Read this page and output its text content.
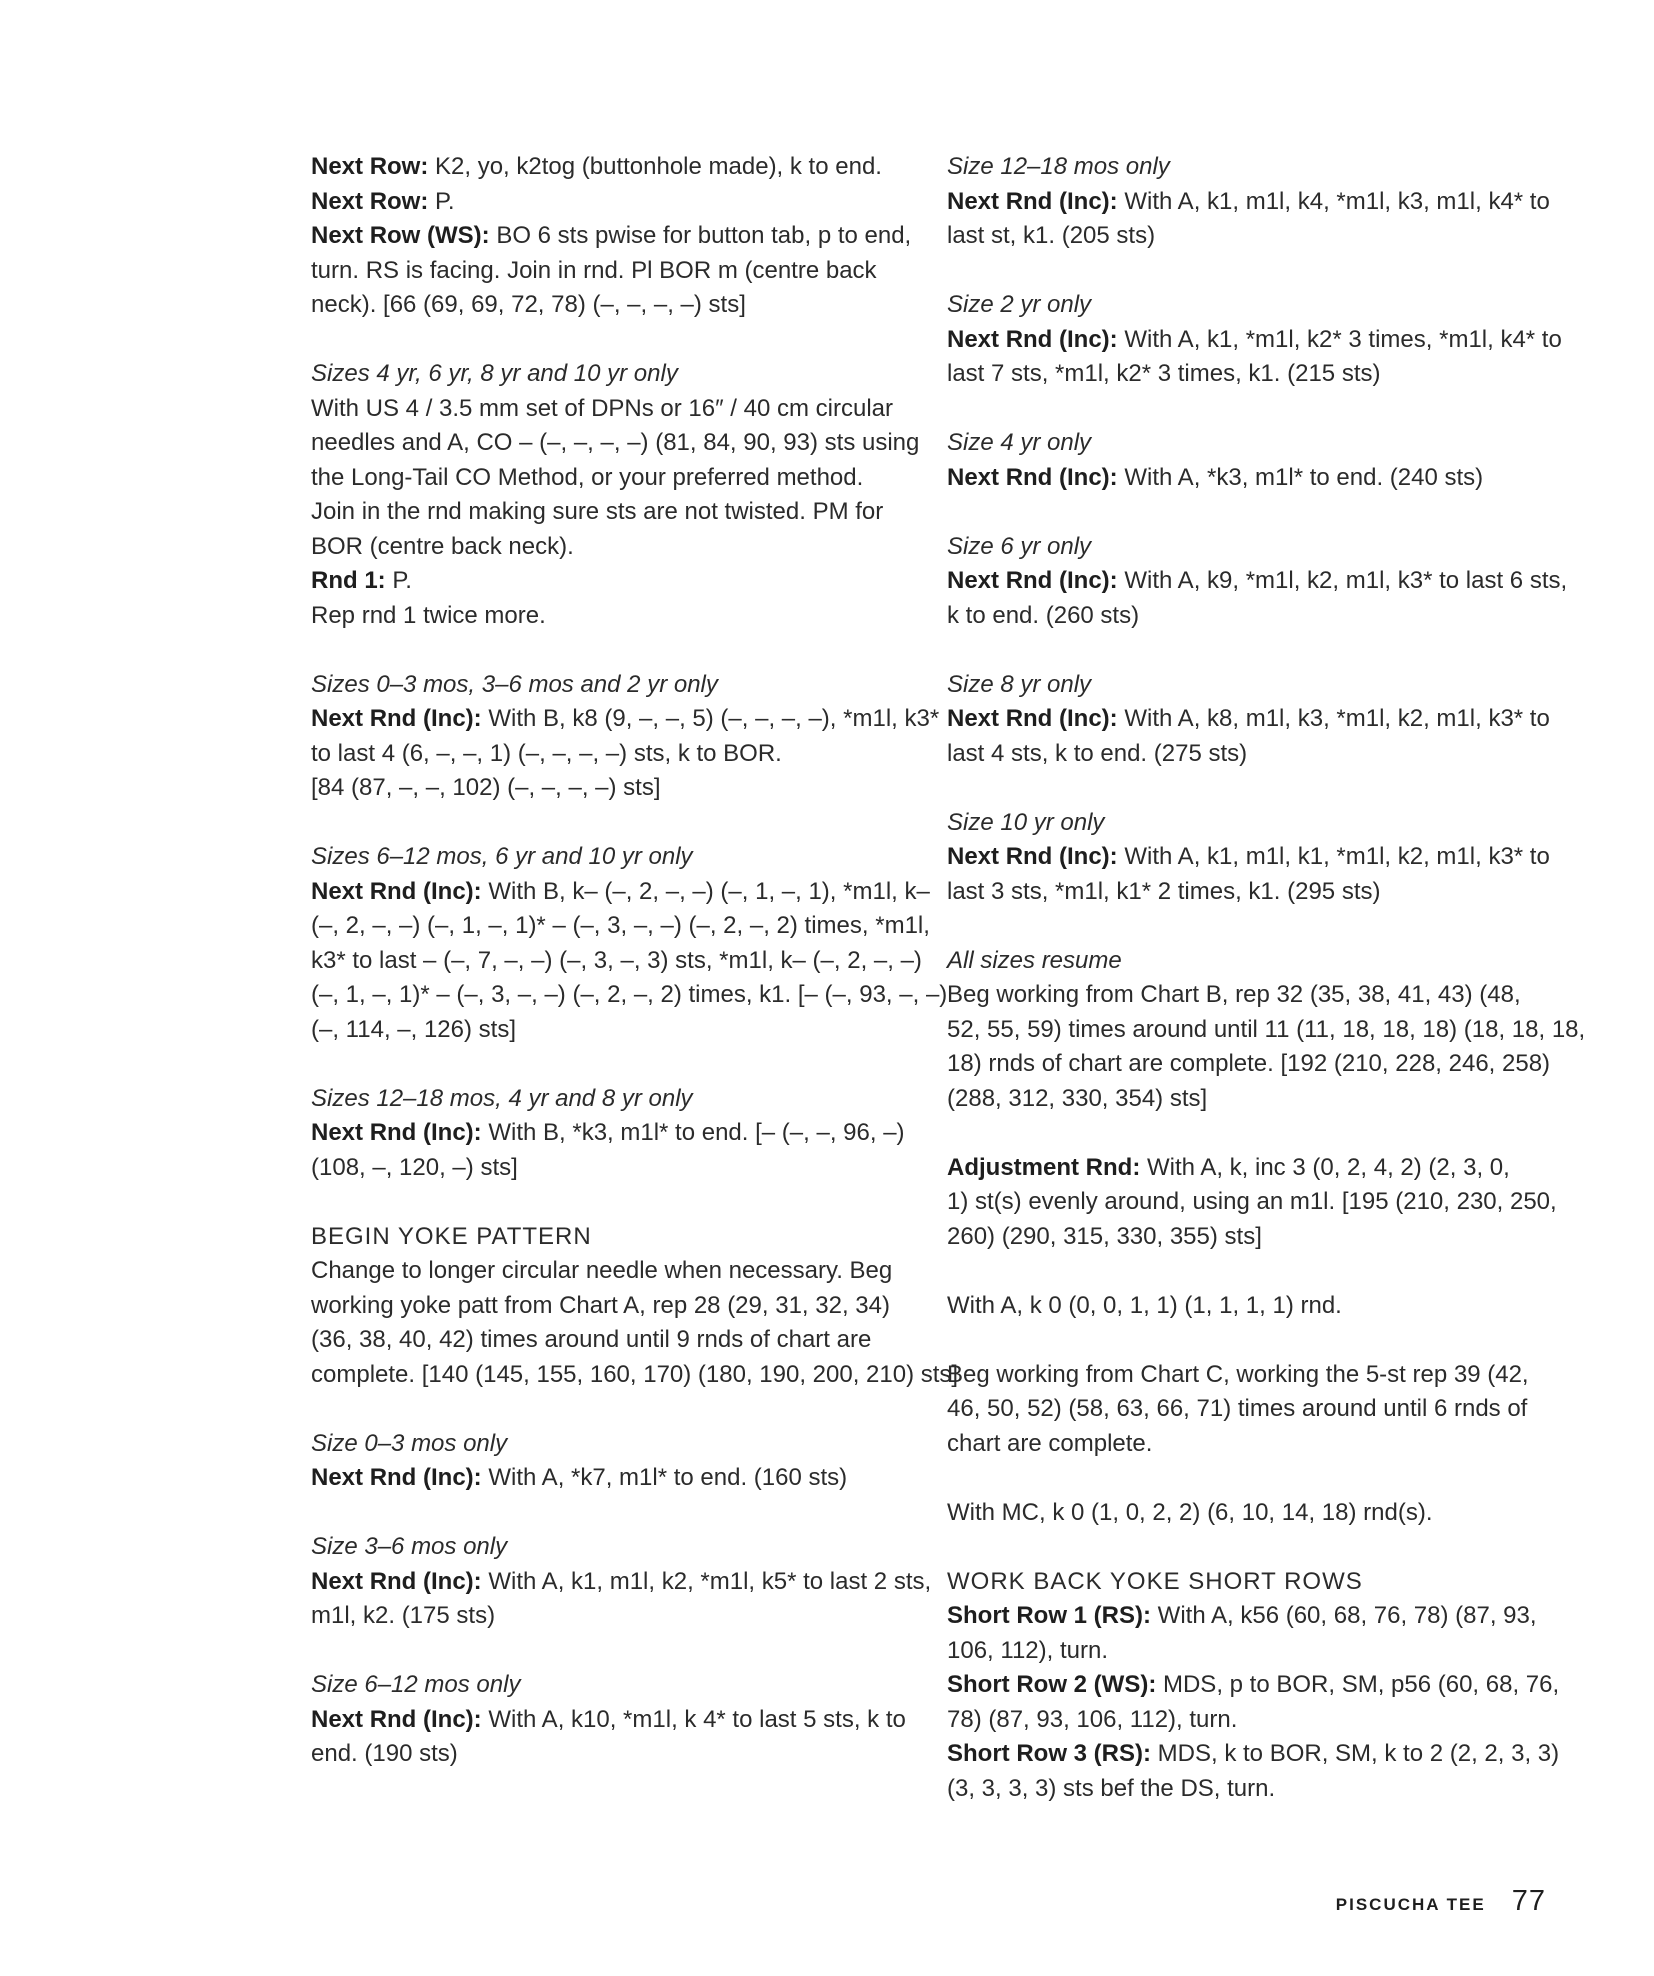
Next Row: K2, yo, k2tog (buttonhole made), k to end.
Next Row: P.
Next Row (WS): BO 6 sts pwise for button tab, p to end,
turn. RS is facing. Join in rnd. Pl BOR m (centre back
neck). [66 (69, 69, 72, 78) (–, –, –, –) sts]
Sizes 4 yr, 6 yr, 8 yr and 10 yr only
With US 4 / 3.5 mm set of DPNs or 16″ / 40 cm circular
needles and A, CO – (–, –, –, –) (81, 84, 90, 93) sts using
the Long-Tail CO Method, or your preferred method.
Join in the rnd making sure sts are not twisted. PM for
BOR (centre back neck).
Rnd 1: P.
Rep rnd 1 twice more.
Sizes 0–3 mos, 3–6 mos and 2 yr only
Next Rnd (Inc): With B, k8 (9, –, –, 5) (–, –, –, –), *m1l, k3*
to last 4 (6, –, –, 1) (–, –, –, –) sts, k to BOR.
[84 (87, –, –, 102) (–, –, –, –) sts]
Sizes 6–12 mos, 6 yr and 10 yr only
Next Rnd (Inc): With B, k– (–, 2, –, –) (–, 1, –, 1), *m1l, k–
(–, 2, –, –) (–, 1, –, 1)* – (–, 3, –, –) (–, 2, –, 2) times, *m1l,
k3* to last – (–, 7, –, –) (–, 3, –, 3) sts, *m1l, k– (–, 2, –, –)
(–, 1, –, 1)* – (–, 3, –, –) (–, 2, –, 2) times, k1. [– (–, 93, –, –)
(–, 114, –, 126) sts]
Sizes 12–18 mos, 4 yr and 8 yr only
Next Rnd (Inc): With B, *k3, m1l* to end. [– (–, –, 96, –)
(108, –, 120, –) sts]
BEGIN YOKE PATTERN
Change to longer circular needle when necessary. Beg
working yoke patt from Chart A, rep 28 (29, 31, 32, 34)
(36, 38, 40, 42) times around until 9 rnds of chart are
complete. [140 (145, 155, 160, 170) (180, 190, 200, 210) sts]
Size 0–3 mos only
Next Rnd (Inc): With A, *k7, m1l* to end. (160 sts)
Size 3–6 mos only
Next Rnd (Inc): With A, k1, m1l, k2, *m1l, k5* to last 2 sts,
m1l, k2. (175 sts)
Size 6–12 mos only
Next Rnd (Inc): With A, k10, *m1l, k 4* to last 5 sts, k to
end. (190 sts)
Size 12–18 mos only
Next Rnd (Inc): With A, k1, m1l, k4, *m1l, k3, m1l, k4* to
last st, k1. (205 sts)
Size 2 yr only
Next Rnd (Inc): With A, k1, *m1l, k2* 3 times, *m1l, k4* to
last 7 sts, *m1l, k2* 3 times, k1. (215 sts)
Size 4 yr only
Next Rnd (Inc): With A, *k3, m1l* to end. (240 sts)
Size 6 yr only
Next Rnd (Inc): With A, k9, *m1l, k2, m1l, k3* to last 6 sts,
k to end. (260 sts)
Size 8 yr only
Next Rnd (Inc): With A, k8, m1l, k3, *m1l, k2, m1l, k3* to
last 4 sts, k to end. (275 sts)
Size 10 yr only
Next Rnd (Inc): With A, k1, m1l, k1, *m1l, k2, m1l, k3* to
last 3 sts, *m1l, k1* 2 times, k1. (295 sts)
All sizes resume
Beg working from Chart B, rep 32 (35, 38, 41, 43) (48,
52, 55, 59) times around until 11 (11, 18, 18, 18) (18, 18, 18,
18) rnds of chart are complete. [192 (210, 228, 246, 258)
(288, 312, 330, 354) sts]
Adjustment Rnd: With A, k, inc 3 (0, 2, 4, 2) (2, 3, 0,
1) st(s) evenly around, using an m1l. [195 (210, 230, 250,
260) (290, 315, 330, 355) sts]
With A, k 0 (0, 0, 1, 1) (1, 1, 1, 1) rnd.
Beg working from Chart C, working the 5-st rep 39 (42,
46, 50, 52) (58, 63, 66, 71) times around until 6 rnds of
chart are complete.
With MC, k 0 (1, 0, 2, 2) (6, 10, 14, 18) rnd(s).
WORK BACK YOKE SHORT ROWS
Short Row 1 (RS): With A, k56 (60, 68, 76, 78) (87, 93,
106, 112), turn.
Short Row 2 (WS): MDS, p to BOR, SM, p56 (60, 68, 76,
78) (87, 93, 106, 112), turn.
Short Row 3 (RS): MDS, k to BOR, SM, k to 2 (2, 2, 3, 3)
(3, 3, 3, 3) sts bef the DS, turn.
PISCUCHA TEE 77
